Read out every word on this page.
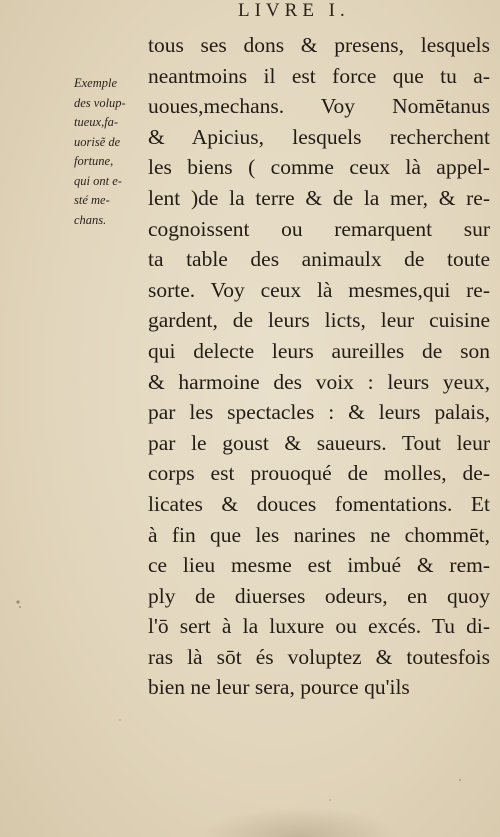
LIVRE I.
Exemple
des volup-
tueux,fa-
uorisẽ de
fortune,
qui ont e-
sté me-
chans.
tous ses dons & presens, lesquels
neantmoins il est force que tu a-
uoues,mechans. Voy Nomētanus
& Apicius, lesquels recherchent
les biens ( comme ceux là appel-
lent )de la terre & de la mer, & re-
cognoissent ou remarquent sur
ta table des animaulx de toute
sorte. Voy ceux là mesmes,qui re-
gardent, de leurs licts, leur cuisine
qui delecte leurs aureilles de son
& harmoine des voix : leurs yeux,
par les spectacles : & leurs palais,
par le goust & saueurs. Tout leur
corps est prouoqué de molles, de-
licates & douces fomentations. Et
à fin que les narines ne chommēt,
ce lieu mesme est imbué & rem-
ply de diuerses odeurs, en quoy
l'ō sert à la luxure ou excés. Tu di-
ras là sōt és voluptez & toutesfois
bien ne leur sera, pource qu'ils
